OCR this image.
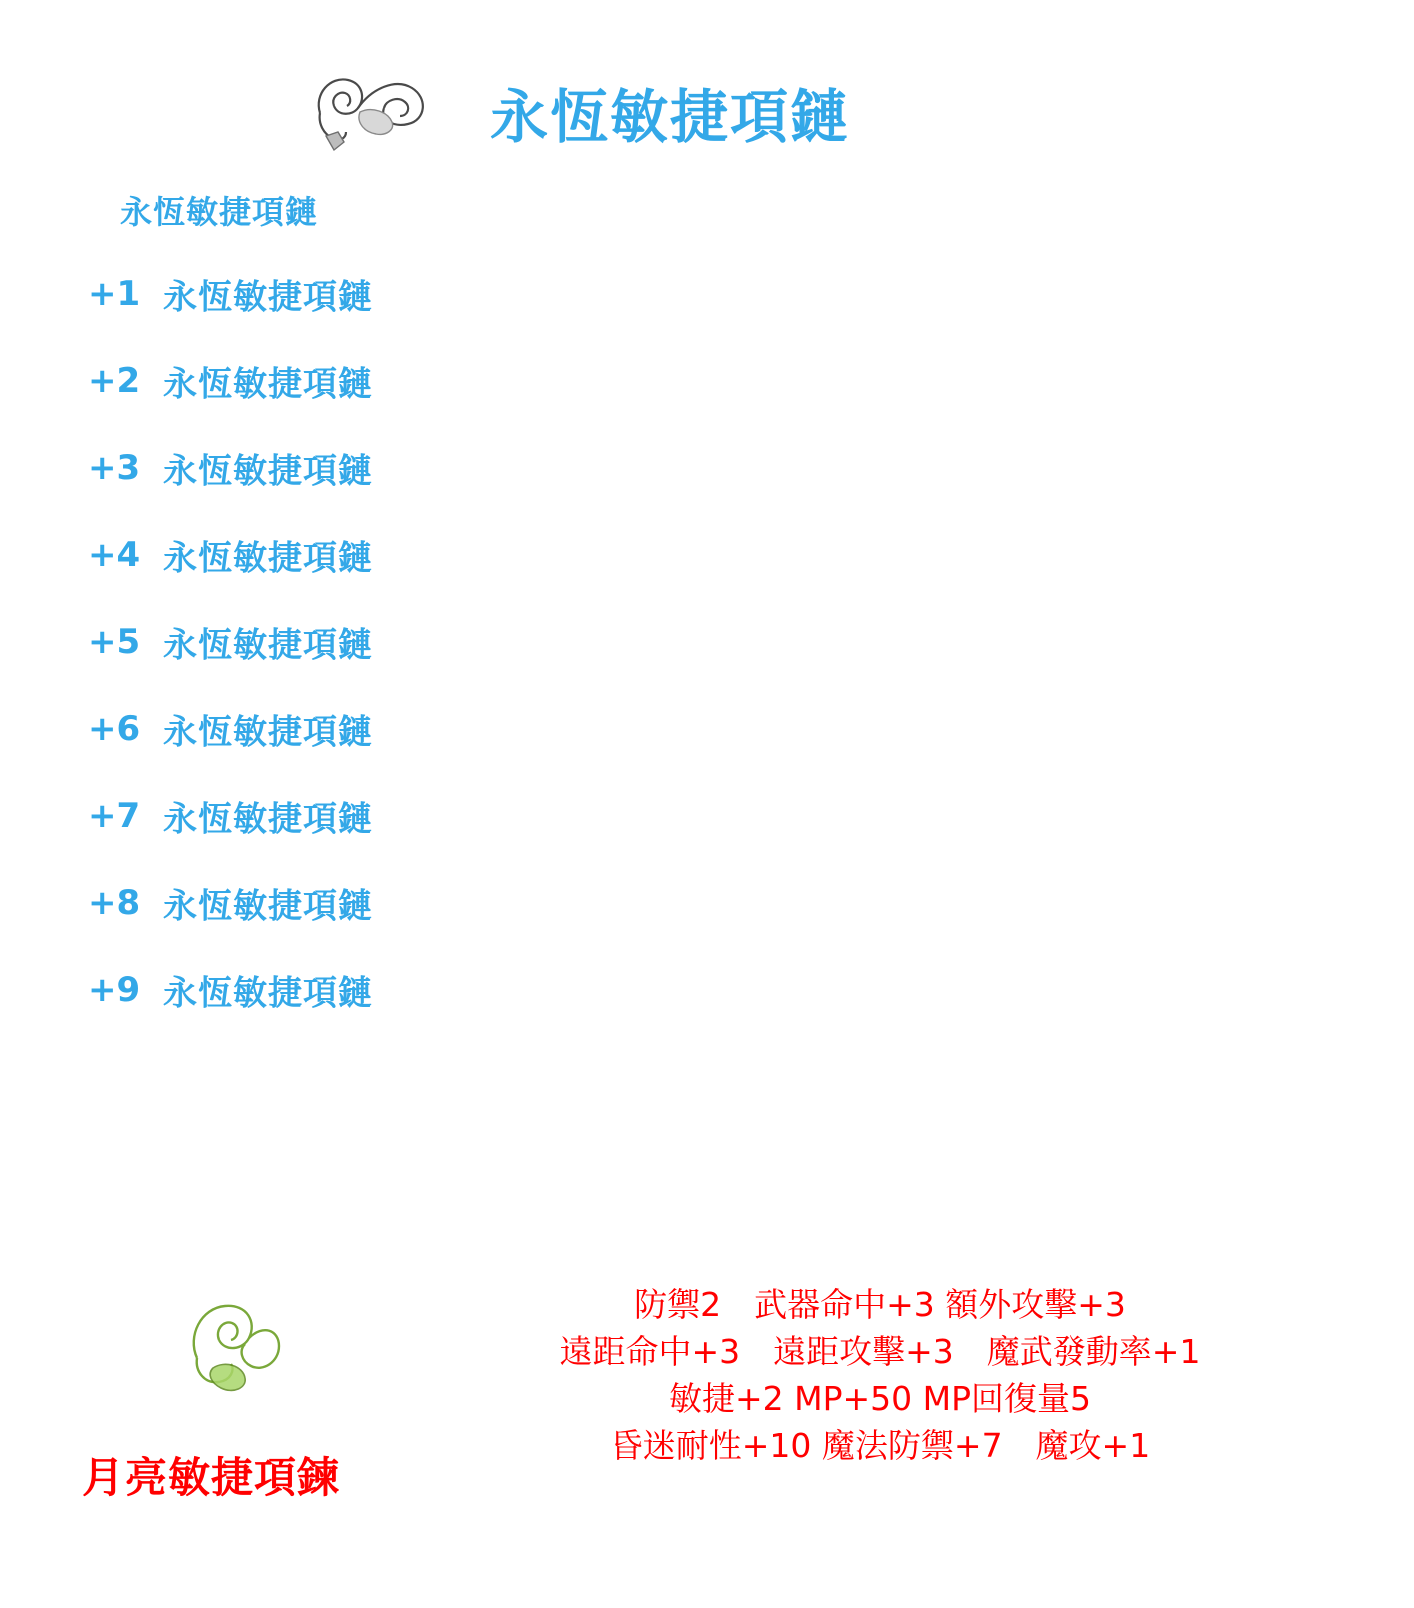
永恆敏捷項鏈
永恆敏捷項鏈
+1 永恆敏捷項鏈
+2 永恆敏捷項鏈
+3 永恆敏捷項鏈
+4 永恆敏捷項鏈
+5 永恆敏捷項鏈
+6 永恆敏捷項鏈
+7 永恆敏捷項鏈
+8 永恆敏捷項鏈
+9 永恆敏捷項鏈
月亮敏捷項鍊
防禦2　武器命中+3 額外攻擊+3
遠距命中+3　遠距攻擊+3　魔武發動率+1
敏捷+2 MP+50 MP回復量5
昏迷耐性+10 魔法防禦+7　魔攻+1
